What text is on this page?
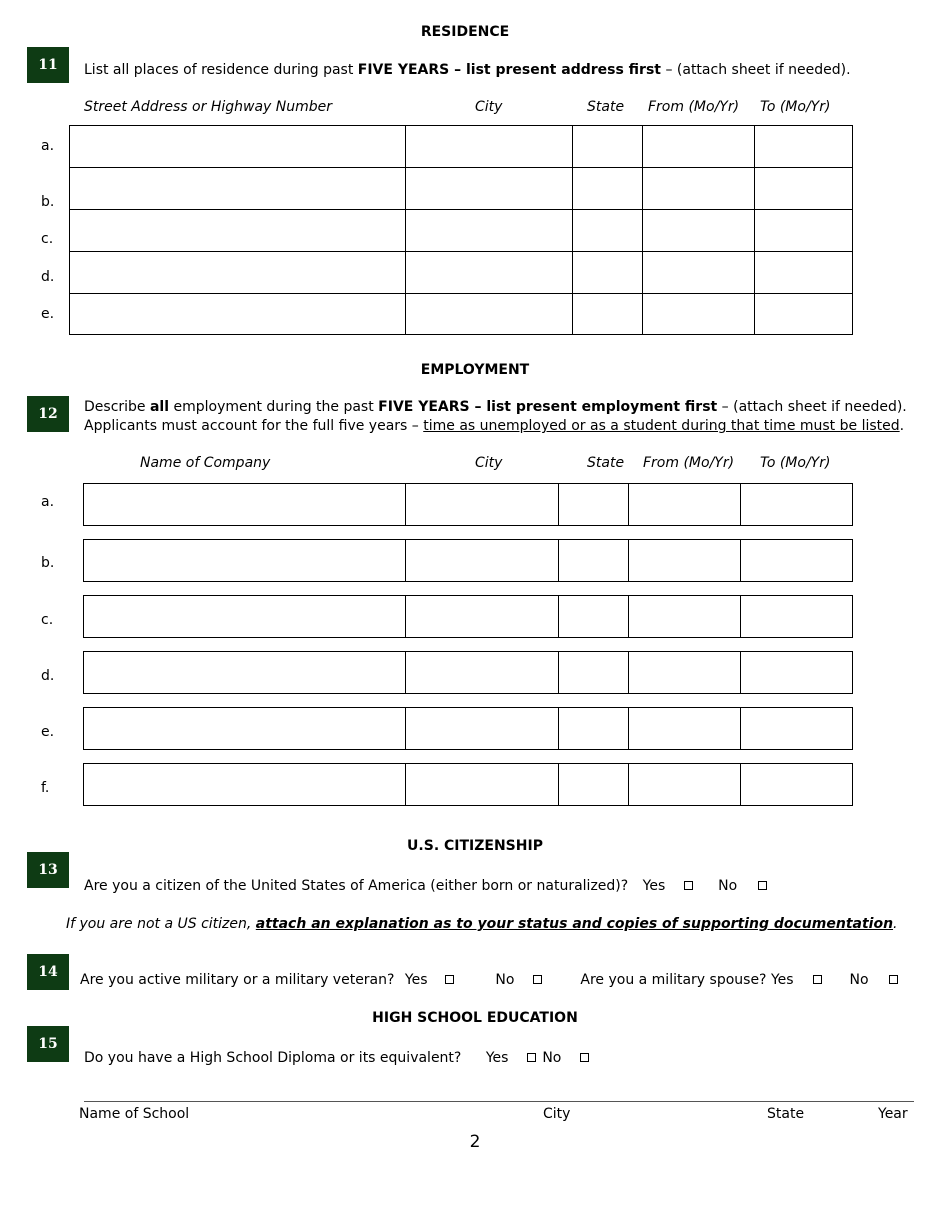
RESIDENCE
11	List all places of residence during past FIVE YEARS – list present address first – (attach sheet if needed).
Street Address or Highway Number	City	State From (Mo/Yr) To (Mo/Yr)
a.
b.
c.
d.
e.
EMPLOYMENT
12	Describe all employment during the past FIVE YEARS – list present employment first – (attach sheet if needed).
Applicants must account for the full five years – time as unemployed or as a student during that time must be listed.
Name of Company	City	State From (Mo/Yr) To (Mo/Yr)
a.
b.
c.
d.
e.
f.
U.S. CITIZENSHIP
13
Are you a citizen of the United States of America (either born or naturalized)? Yes	No
If you are not a US citizen, attach an explanation as to your status and copies of supporting documentation.
14	Are you active military or a military veteran? Yes	No	Are you a military spouse? Yes	No
HIGH SCHOOL EDUCATION
15
Do you have a High School Diploma or its equivalent? Yes No
Name of School	City	State	Year
2
